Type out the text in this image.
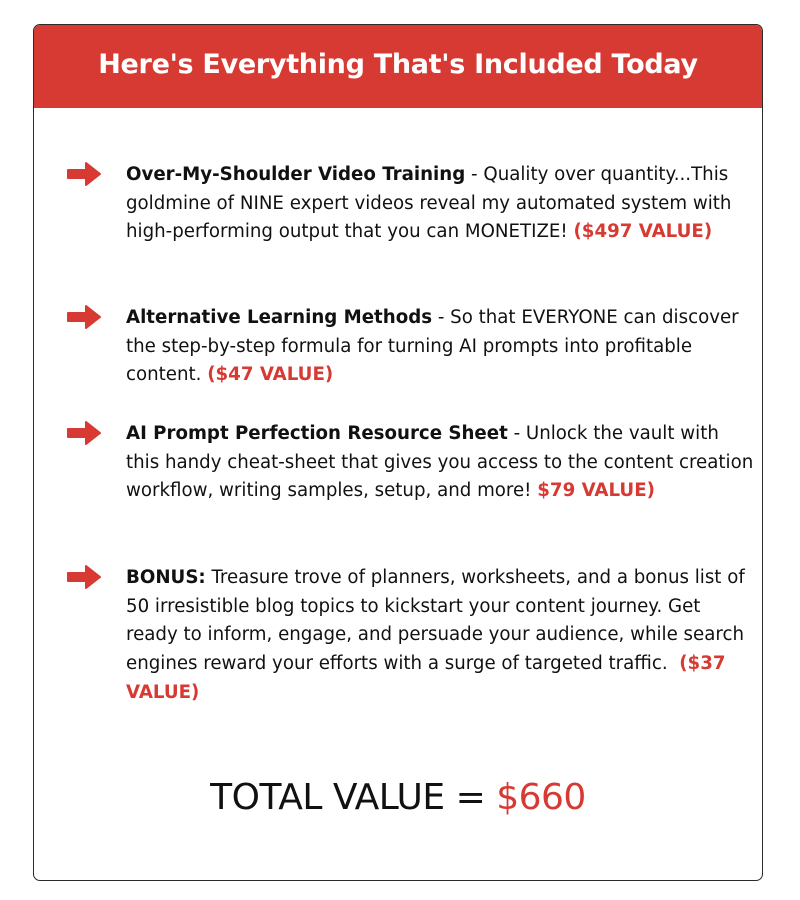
Here's Everything That's Included Today
Over-My-Shoulder Video Training - Quality over quantity...This goldmine of NINE expert videos reveal my automated system with high-performing output that you can MONETIZE! ($497 VALUE)
Alternative Learning Methods - So that EVERYONE can discover the step-by-step formula for turning AI prompts into profitable content. ($47 VALUE)
AI Prompt Perfection Resource Sheet - Unlock the vault with this handy cheat-sheet that gives you access to the content creation workflow, writing samples, setup, and more! $79 VALUE)
BONUS: Treasure trove of planners, worksheets, and a bonus list of 50 irresistible blog topics to kickstart your content journey. Get ready to inform, engage, and persuade your audience, while search engines reward your efforts with a surge of targeted traffic. ($37 VALUE)
TOTAL VALUE = $660
